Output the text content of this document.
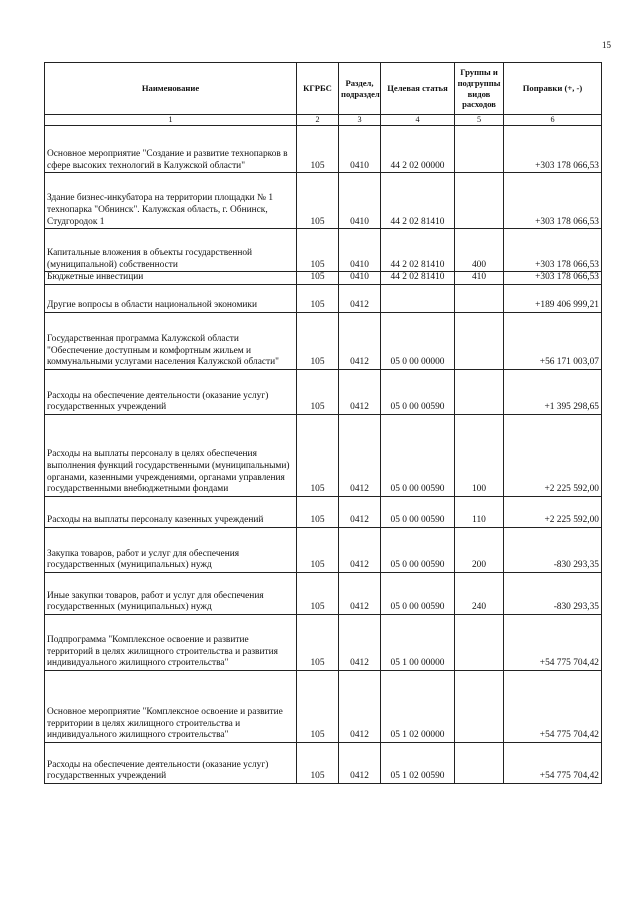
15
Наименование	КГРБС	Раздел, подраздел	Целевая статья	Группы и подгруппы видов расходов	Поправки (+, -)
1	2	3	4	5	6
Основное мероприятие "Создание и развитие технопарков в сфере высоких технологий в Калужской области"	105	0410	44 2 02 00000		+303 178 066,53
Здание бизнес-инкубатора на территории площадки № 1 технопарка "Обнинск". Калужская область, г. Обнинск, Студгородок 1	105	0410	44 2 02 81410		+303 178 066,53
Капитальные вложения в объекты государственной (муниципальной) собственности	105	0410	44 2 02 81410	400	+303 178 066,53
Бюджетные инвестиции	105	0410	44 2 02 81410	410	+303 178 066,53
Другие вопросы в области национальной экономики	105	0412			+189 406 999,21
Государственная программа Калужской области "Обеспечение доступным и комфортным жильем и коммунальными услугами населения Калужской области"	105	0412	05 0 00 00000		+56 171 003,07
Расходы на обеспечение деятельности (оказание услуг) государственных учреждений	105	0412	05 0 00 00590		+1 395 298,65
Расходы на выплаты персоналу в целях обеспечения выполнения функций государственными (муниципальными) органами, казенными учреждениями, органами управления государственными внебюджетными фондами	105	0412	05 0 00 00590	100	+2 225 592,00
Расходы на выплаты персоналу казенных учреждений	105	0412	05 0 00 00590	110	+2 225 592,00
Закупка товаров, работ и услуг для обеспечения государственных (муниципальных) нужд	105	0412	05 0 00 00590	200	-830 293,35
Иные закупки товаров, работ и услуг для обеспечения государственных (муниципальных) нужд	105	0412	05 0 00 00590	240	-830 293,35
Подпрограмма "Комплексное освоение и развитие территорий в целях жилищного строительства и развития индивидуального жилищного строительства"	105	0412	05 1 00 00000		+54 775 704,42
Основное мероприятие "Комплексное освоение и развитие территории в целях жилищного строительства и индивидуального жилищного строительства"	105	0412	05 1 02 00000		+54 775 704,42
Расходы на обеспечение деятельности (оказание услуг) государственных учреждений	105	0412	05 1 02 00590		+54 775 704,42
